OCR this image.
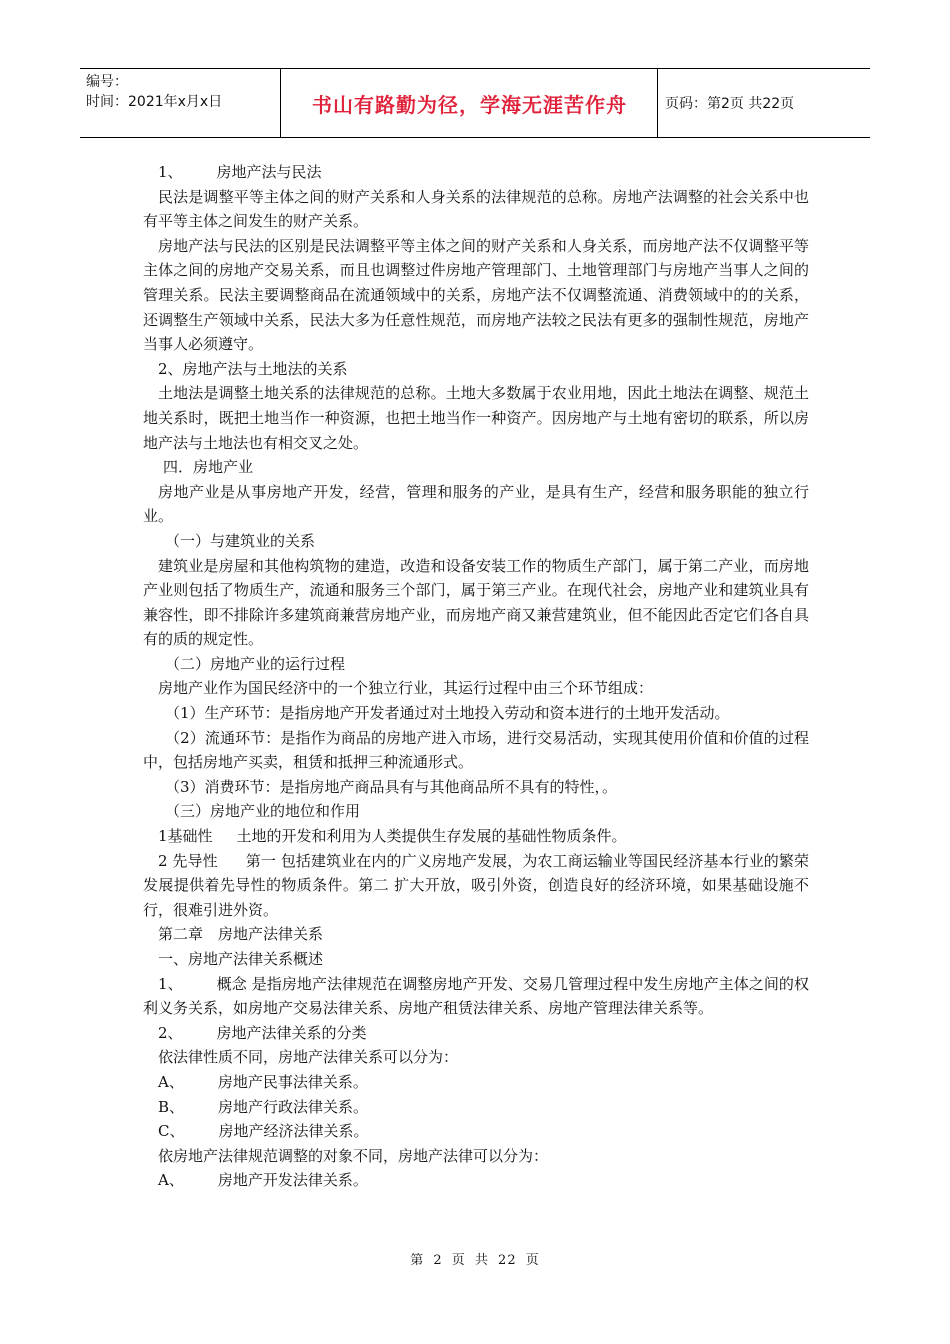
编号：
时间：2021年x月x日	书山有路勤为径，学海无涯苦作舟	页码：第2页 共22页

1、 房地产法与民法

民法是调整平等主体之间的财产关系和人身关系的法律规范的总称。房地产法调整的社会关系中也有平等主体之间发生的财产关系。

房地产法与民法的区别是民法调整平等主体之间的财产关系和人身关系，而房地产法不仅调整平等主体之间的房地产交易关系，而且也调整过件房地产管理部门、土地管理部门与房地产当事人之间的管理关系。民法主要调整商品在流通领域中的关系，房地产法不仅调整流通、消费领域中的的关系，还调整生产领域中关系，民法大多为任意性规范，而房地产法较之民法有更多的强制性规范，房地产当事人必须遵守。

2、房地产法与土地法的关系

土地法是调整土地关系的法律规范的总称。土地大多数属于农业用地，因此土地法在调整、规范土地关系时，既把土地当作一种资源，也把土地当作一种资产。因房地产与土地有密切的联系，所以房地产法与土地法也有相交叉之处。

四．房地产业

房地产业是从事房地产开发，经营，管理和服务的产业，是具有生产，经营和服务职能的独立行业。

（一）与建筑业的关系

建筑业是房屋和其他构筑物的建造，改造和设备安装工作的物质生产部门，属于第二产业，而房地产业则包括了物质生产，流通和服务三个部门，属于第三产业。在现代社会，房地产业和建筑业具有兼容性，即不排除许多建筑商兼营房地产业，而房地产商又兼营建筑业，但不能因此否定它们各自具有的质的规定性。

（二）房地产业的运行过程

房地产业作为国民经济中的一个独立行业，其运行过程中由三个环节组成：

（1）生产环节：是指房地产开发者通过对土地投入劳动和资本进行的土地开发活动。

（2）流通环节：是指作为商品的房地产进入市场，进行交易活动，实现其使用价值和价值的过程中，包括房地产买卖，租赁和抵押三种流通形式。

（3）消费环节：是指房地产商品具有与其他商品所不具有的特性，。

（三）房地产业的地位和作用

1基础性 土地的开发和利用为人类提供生存发展的基础性物质条件。

2 先导性 第一 包括建筑业在内的广义房地产发展，为农工商运输业等国民经济基本行业的繁荣发展提供着先导性的物质条件。第二 扩大开放，吸引外资，创造良好的经济环境，如果基础设施不行，很难引进外资。

第二章　房地产法律关系

一、房地产法律关系概述

1、 概念 是指房地产法律规范在调整房地产开发、交易几管理过程中发生房地产主体之间的权利义务关系，如房地产交易法律关系、房地产租赁法律关系、房地产管理法律关系等。

2、 房地产法律关系的分类

依法律性质不同，房地产法律关系可以分为：

A、 房地产民事法律关系。

B、 房地产行政法律关系。

C、 房地产经济法律关系。

依房地产法律规范调整的对象不同，房地产法律可以分为：

A、 房地产开发法律关系。

第 2 页 共 22 页
